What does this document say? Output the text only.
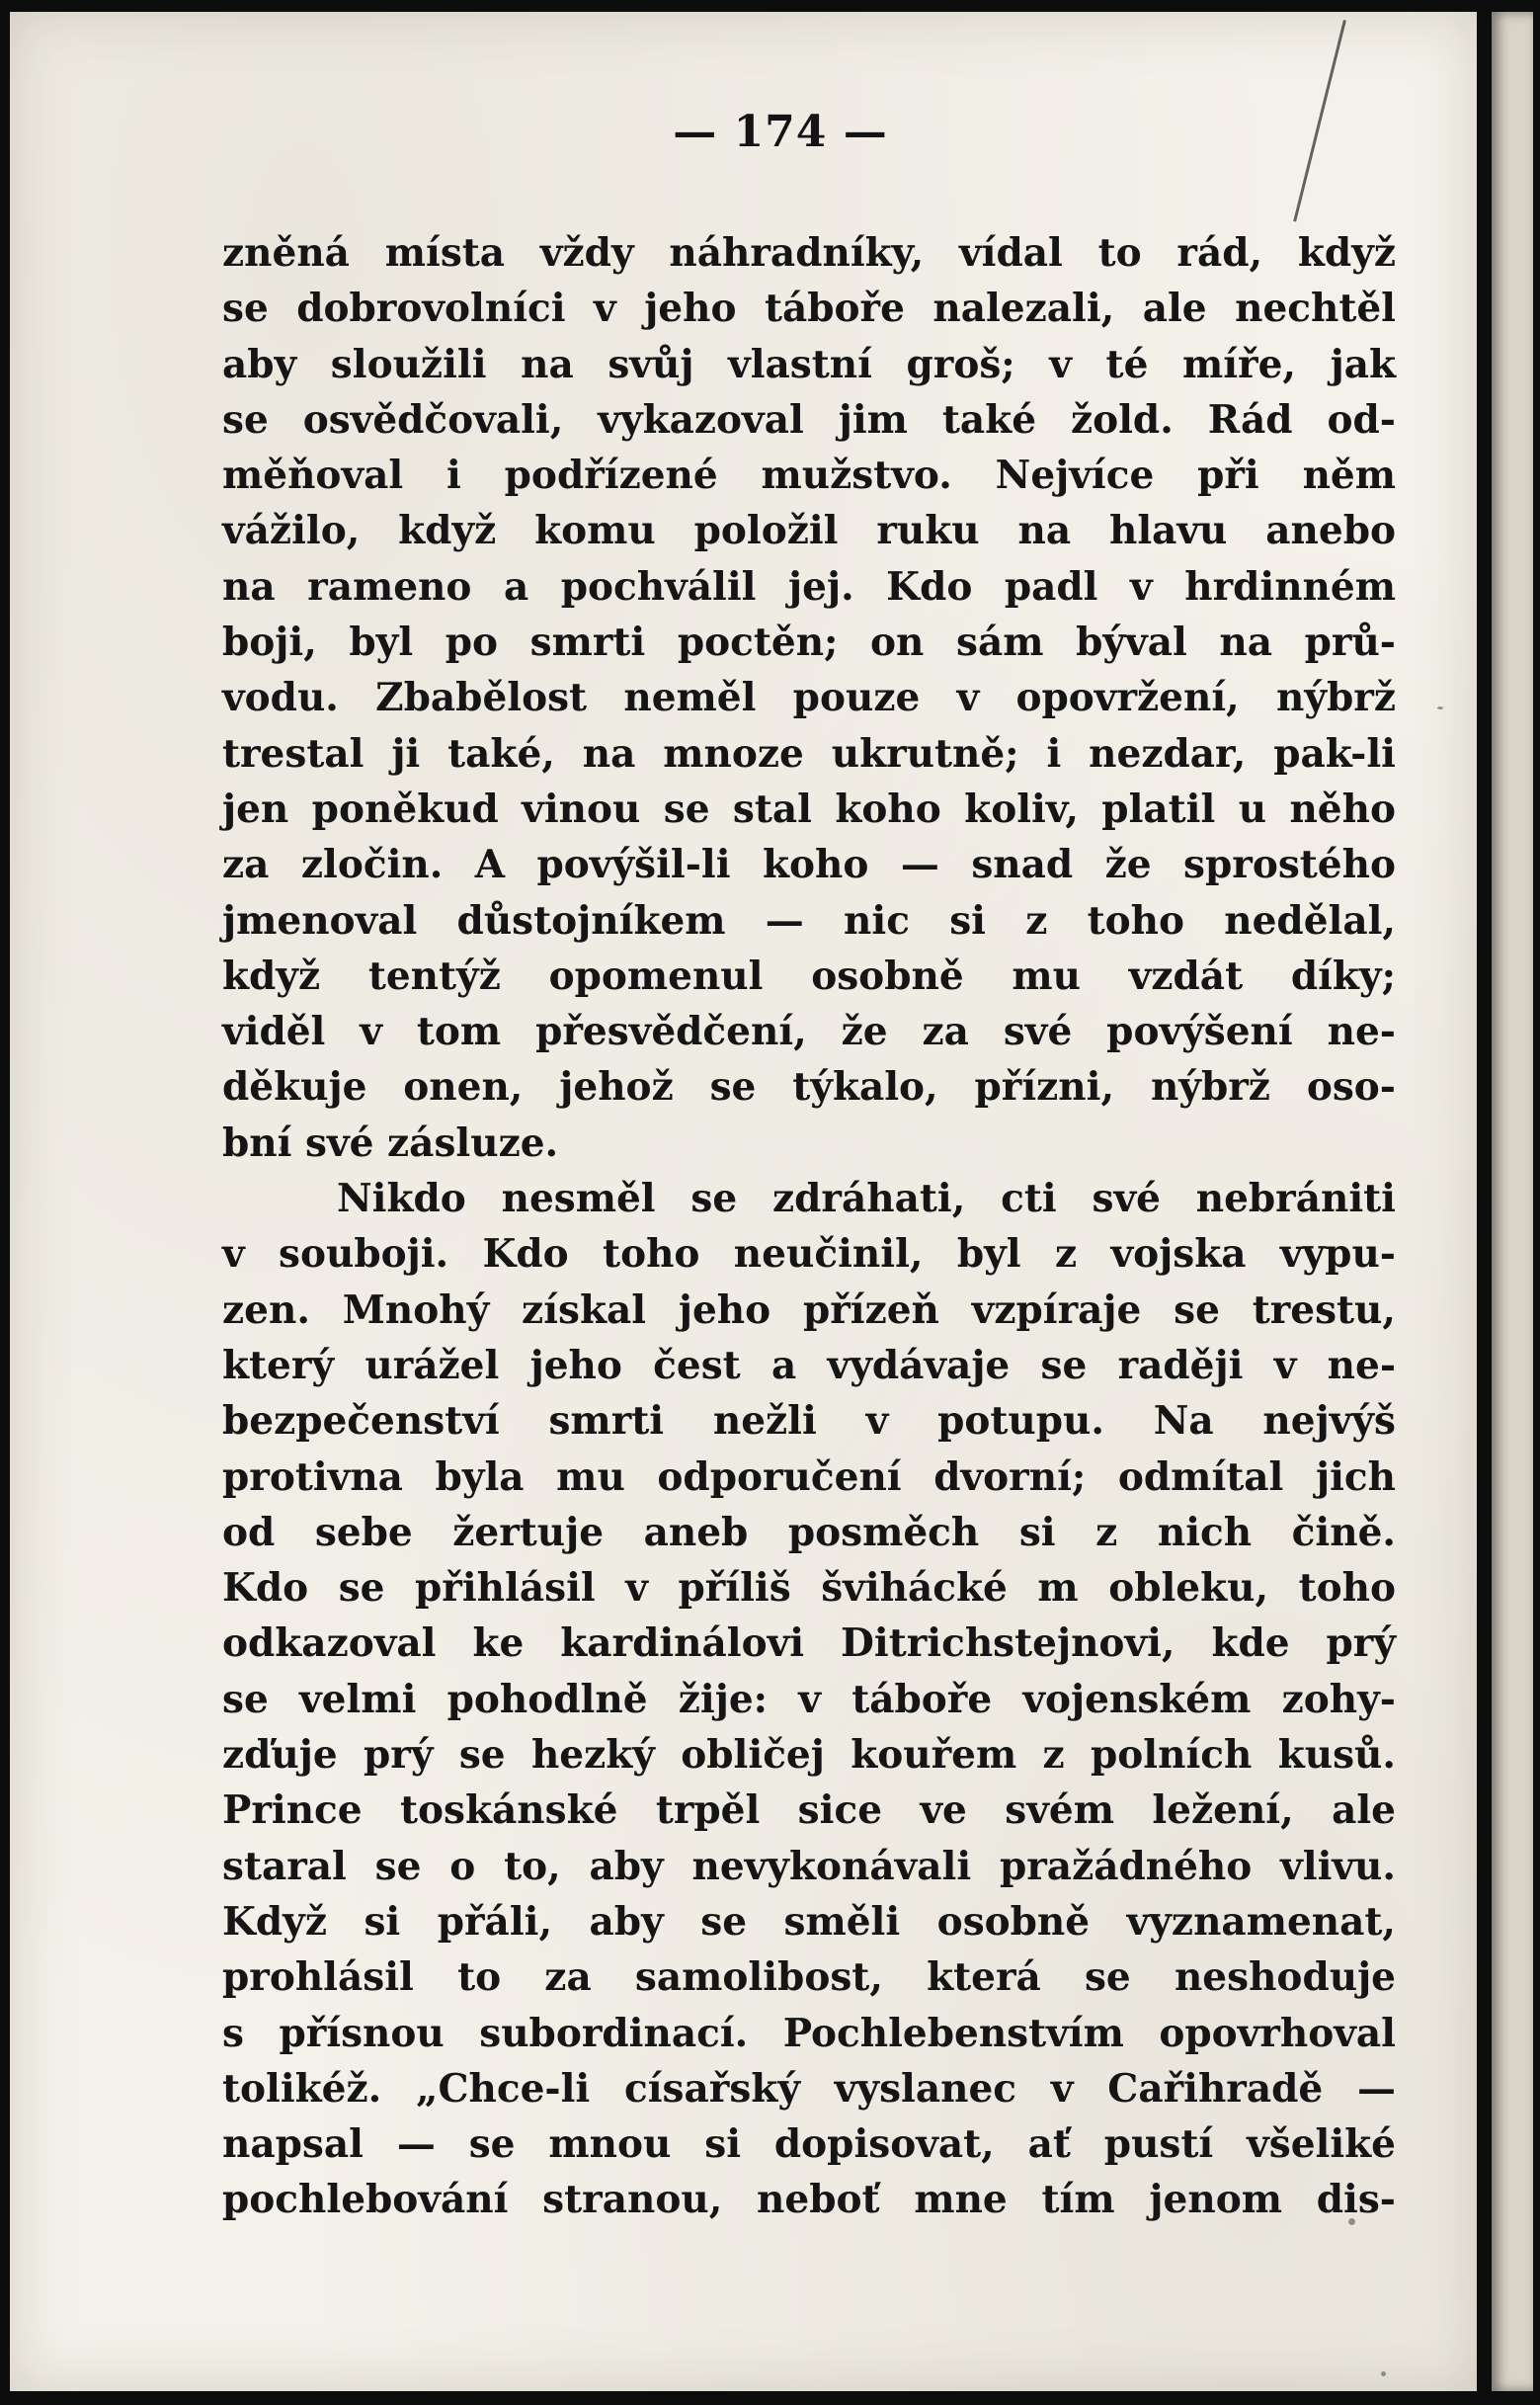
— 174 —
zněná místa vždy náhradníky, vídal to rád, když
se dobrovolníci v jeho táboře nalezali, ale nechtěl
aby sloužili na svůj vlastní groš; v té míře, jak
se osvědčovali, vykazoval jim také žold. Rád od-
měňoval i podřízené mužstvo. Nejvíce při něm
vážilo, když komu položil ruku na hlavu anebo
na rameno a pochválil jej. Kdo padl v hrdinném
boji, byl po smrti poctěn; on sám býval na prů-
vodu. Zbabělost neměl pouze v opovržení, nýbrž
trestal ji také, na mnoze ukrutně; i nezdar, pak-li
jen poněkud vinou se stal koho koliv, platil u něho
za zločin. A povýšil-li koho — snad že sprostého
jmenoval důstojníkem — nic si z toho nedělal,
když tentýž opomenul osobně mu vzdát díky;
viděl v tom přesvědčení, že za své povýšení ne-
děkuje onen, jehož se týkalo, přízni, nýbrž oso-
bní své zásluze.
Nikdo nesměl se zdráhati, cti své nebrániti
v souboji. Kdo toho neučinil, byl z vojska vypu-
zen. Mnohý získal jeho přízeň vzpíraje se trestu,
který urážel jeho čest a vydávaje se raději v ne-
bezpečenství smrti nežli v potupu. Na nejvýš
protivna byla mu odporučení dvorní; odmítal jich
od sebe žertuje aneb posměch si z nich čině.
Kdo se přihlásil v příliš švihácké m obleku, toho
odkazoval ke kardinálovi Ditrichstejnovi, kde prý
se velmi pohodlně žije: v táboře vojenském zohy-
zďuje prý se hezký obličej kouřem z polních kusů.
Prince toskánské trpěl sice ve svém ležení, ale
staral se o to, aby nevykonávali pražádného vlivu.
Když si přáli, aby se směli osobně vyznamenat,
prohlásil to za samolibost, která se neshoduje
s přísnou subordinací. Pochlebenstvím opovrhoval
tolikéž. „Chce-li císařský vyslanec v Cařihradě —
napsal — se mnou si dopisovat, ať pustí všeliké
pochlebování stranou, neboť mne tím jenom dis-
